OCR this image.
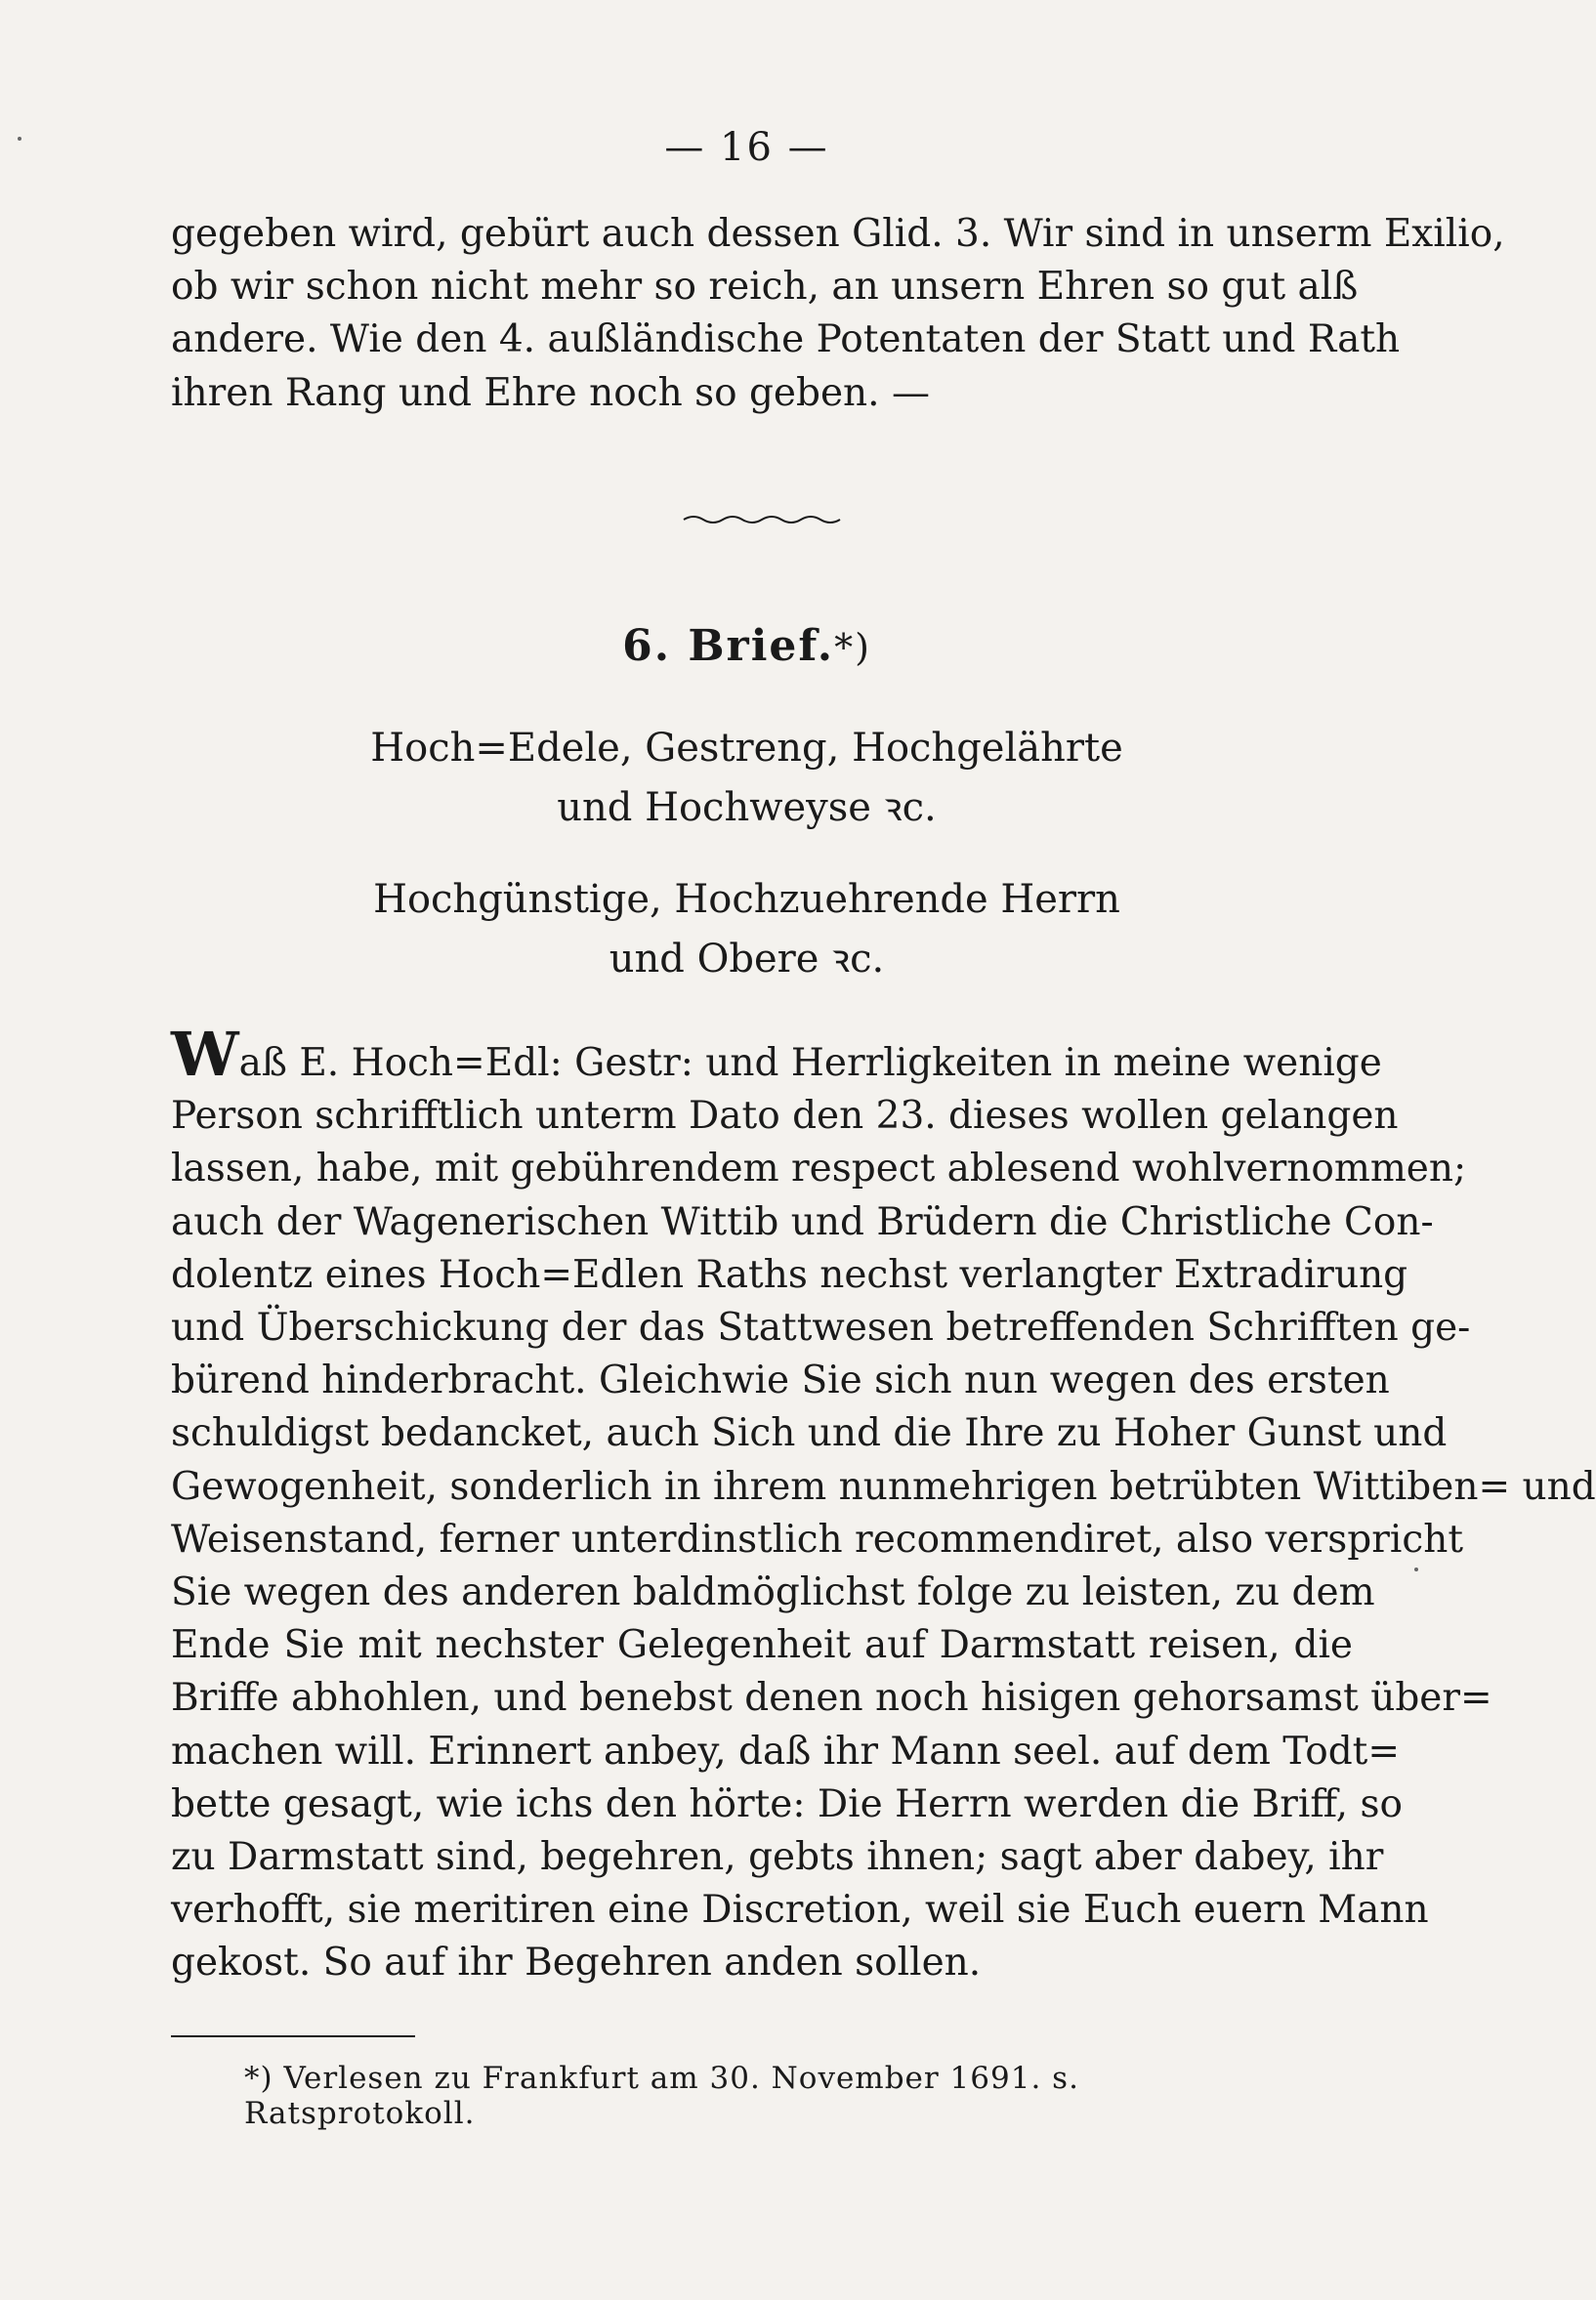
— 16 —
gegeben wird, gebürt auch dessen Glid. 3. Wir sind in unserm Exilio,
ob wir schon nicht mehr so reich, an unsern Ehren so gut alß
andere. Wie den 4. außländische Potentaten der Statt und Rath
ihren Rang und Ehre noch so geben. —
6. Brief.*)
Hoch=Edele, Gestreng, Hochgelährte
und Hochweyse ꝛc.
Hochgünstige, Hochzuehrende Herrn
und Obere ꝛc.
Waß E. Hoch=Edl: Gestr: und Herrligkeiten in meine wenige
Person schrifftlich unterm Dato den 23. dieses wollen gelangen
lassen, habe, mit gebührendem respect ablesend wohlvernommen;
auch der Wagenerischen Wittib und Brüdern die Christliche Con-
dolentz eines Hoch=Edlen Raths nechst verlangter Extradirung
und Überschickung der das Stattwesen betreffenden Schrifften ge-
bürend hinderbracht. Gleichwie Sie sich nun wegen des ersten
schuldigst bedancket, auch Sich und die Ihre zu Hoher Gunst und
Gewogenheit, sonderlich in ihrem nunmehrigen betrübten Wittiben= und
Weisenstand, ferner unterdinstlich recommendiret, also verspricht
Sie wegen des anderen baldmöglichst folge zu leisten, zu dem
Ende Sie mit nechster Gelegenheit auf Darmstatt reisen, die
Briffe abhohlen, und benebst denen noch hisigen gehorsamst über=
machen will. Erinnert anbey, daß ihr Mann seel. auf dem Todt=
bette gesagt, wie ichs den hörte: Die Herrn werden die Briff, so
zu Darmstatt sind, begehren, gebts ihnen; sagt aber dabey, ihr
verhofft, sie meritiren eine Discretion, weil sie Euch euern Mann
gekost. So auf ihr Begehren anden sollen.
*) Verlesen zu Frankfurt am 30. November 1691. s. Ratsprotokoll.
